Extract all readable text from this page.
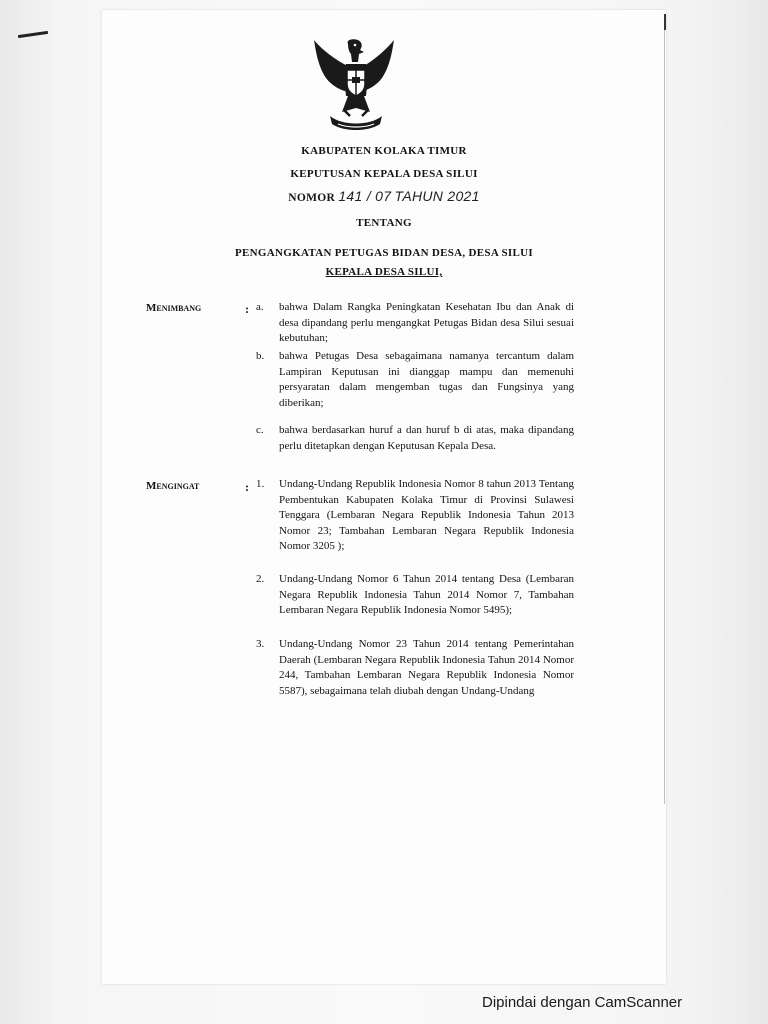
KABUPATEN KOLAKA TIMUR
KEPUTUSAN KEPALA DESA SILUI
NOMOR 141 / 07 TAHUN 2021
TENTANG
PENGANGKATAN PETUGAS BIDAN DESA, DESA SILUI
KEPALA DESA SILUI,
Menimbang	: a. bahwa Dalam Rangka Peningkatan Kesehatan Ibu dan Anak di desa dipandang perlu mengangkat Petugas Bidan desa Silui sesuai kebutuhan;
b. bahwa Petugas Desa sebagaimana namanya tercantum dalam Lampiran Keputusan ini dianggap mampu dan memenuhi persyaratan dalam mengemban tugas dan Fungsinya yang diberikan;
c. bahwa berdasarkan huruf a dan huruf b di atas, maka dipandang perlu ditetapkan dengan Keputusan Kepala Desa.
Mengingat	: 1. Undang-Undang Republik Indonesia Nomor 8 tahun 2013 Tentang Pembentukan Kabupaten Kolaka Timur di Provinsi Sulawesi Tenggara (Lembaran Negara Republik Indonesia Tahun 2013 Nomor 23; Tambahan Lembaran Negara Republik Indonesia Nomor 3205 );
2. Undang-Undang Nomor 6 Tahun 2014 tentang Desa (Lembaran Negara Republik Indonesia Tahun 2014 Nomor 7, Tambahan Lembaran Negara Republik Indonesia Nomor 5495);
3. Undang-Undang Nomor 23 Tahun 2014 tentang Pemerintahan Daerah (Lembaran Negara Republik Indonesia Tahun 2014 Nomor 244, Tambahan Lembaran Negara Republik Indonesia Nomor 5587), sebagaimana telah diubah dengan Undang-Undang
Dipindai dengan CamScanner
